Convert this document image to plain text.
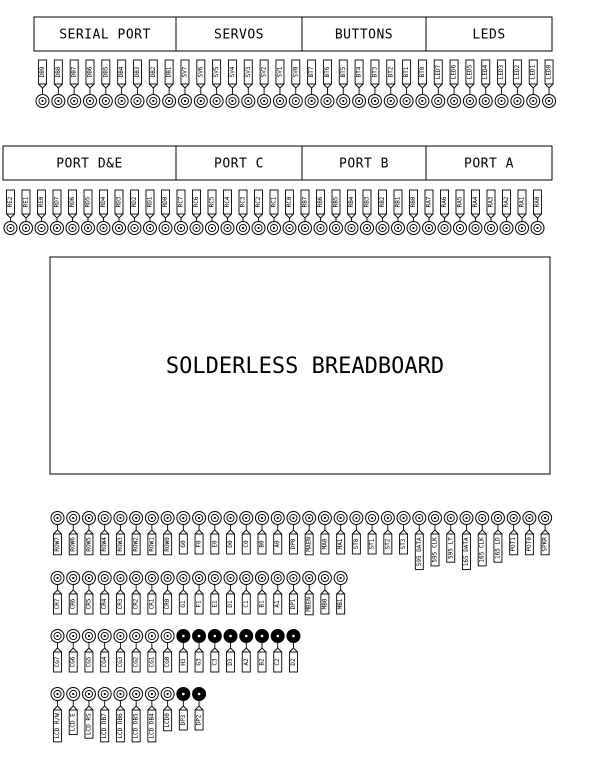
SERIAL PORT	SERVOS	BUTTONS	LEDS
DB9 DB8 DB7 DB6 DB5 DB4 DB3 DB2 DB1 SV7 SV6 SV5 SV4 SV3 SV2 SV1 SV0 BT7 BT6 BT5 BT4 BT3 BT2 BT1 BT0 LED7 LED6 LED5 LED4 LED3 LED2 LED1 LED0
PORT D&E	PORT C	PORT B	PORT A
RE2 RE1 RE0 RD7 RD6 RD5 RD4 RD3 RD2 RD1 RD0 RC7 RC6 RC5 RC4 RC3 RC2 RC1 RC0 RB7 RB6 RB5 RB4 RB3 RB2 RB1 RB0 RA7 RA6 RA5 RA4 RA3 RA2 RA1 RA0
SOLDERLESS BREADBOARD
ROW7 ROW6 ROW5 ROW4 ROW3 ROW2 ROW1 ROW0 G0 F0 E0 D0 C0 B0 A0 DP0 MAEN MA0 MA1 ST0 ST1 ST2 ST3 595 DATA 595 CLK 595 LT 165 DATA 165 CLK 165 LD POT1 POT0 SPKR
CR7 CR6 CR5 CR4 CR3 CR2 CR1 CR0 G1 F1 E1 D1 C1 B1 A1 DP1 MBEN MB0 MB1
CG7 CG6 CG5 CG4 CG3 CG2 CG1 CG0 H3 G3 C3 D3 A2 B2 C2 D2
LCD R/W LCD E LCD RS LCD DB7 LCD DB6 LCD DB5 LCD DB4 LCD0 DP3 DP2
